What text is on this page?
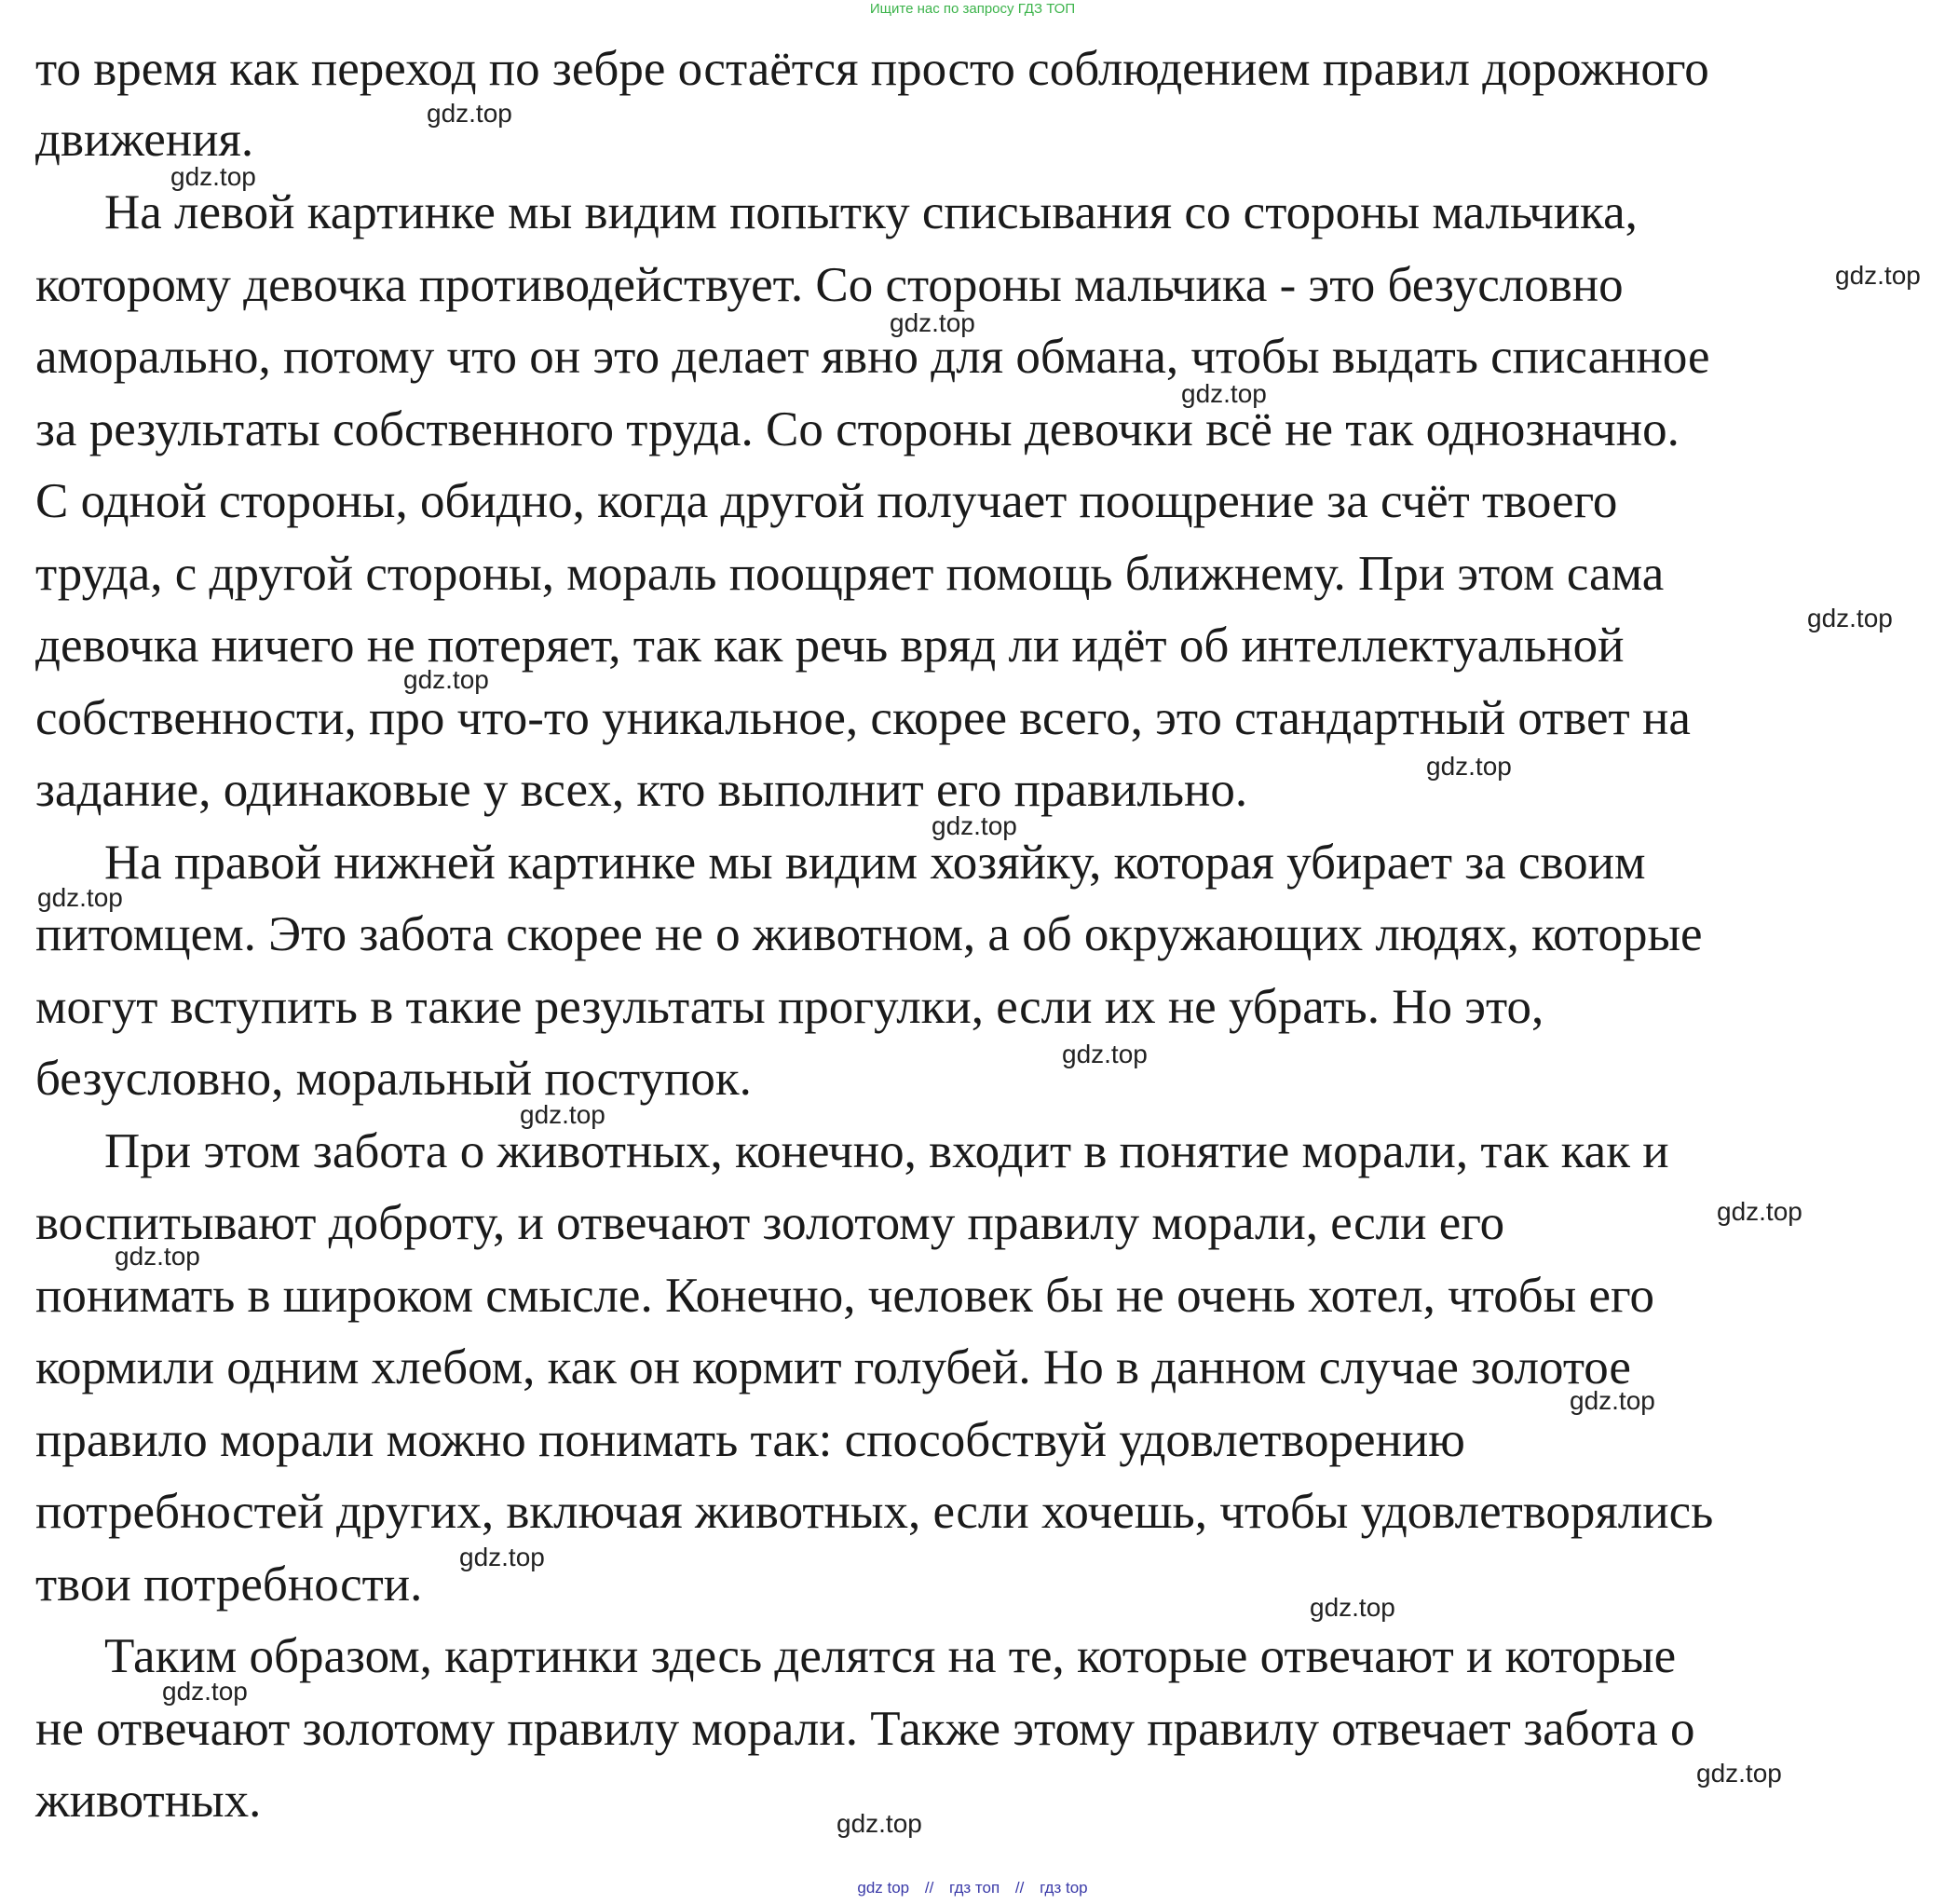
Ищите нас по запросу ГДЗ ТОП
то время как переход по зебре остаётся просто соблюдением правил дорожного
движения.
На левой картинке мы видим попытку списывания со стороны мальчика,
которому девочка противодействует. Со стороны мальчика - это безусловно
аморально, потому что он это делает явно для обмана, чтобы выдать списанное
за результаты собственного труда. Со стороны девочки всё не так однозначно.
С одной стороны, обидно, когда другой получает поощрение за счёт твоего
труда, с другой стороны, мораль поощряет помощь ближнему. При этом сама
девочка ничего не потеряет, так как речь вряд ли идёт об интеллектуальной
собственности, про что-то уникальное, скорее всего, это стандартный ответ на
задание, одинаковые у всех, кто выполнит его правильно.
На правой нижней картинке мы видим хозяйку, которая убирает за своим
питомцем. Это забота скорее не о животном, а об окружающих людях, которые
могут вступить в такие результаты прогулки, если их не убрать. Но это,
безусловно, моральный поступок.
При этом забота о животных, конечно, входит в понятие морали, так как и
воспитывают доброту, и отвечают золотому правилу морали, если его
понимать в широком смысле. Конечно, человек бы не очень хотел, чтобы его
кормили одним хлебом, как он кормит голубей. Но в данном случае золотое
правило морали можно понимать так: способствуй удовлетворению
потребностей других, включая животных, если хочешь, чтобы удовлетворялись
твои потребности.
Таким образом, картинки здесь делятся на те, которые отвечают и которые
не отвечают золотому правилу морали. Также этому правилу отвечает забота о
животных.
gdz.top
gdz.top
gdz.top
gdz.top
gdz.top
gdz.top
gdz.top
gdz.top
gdz.top
gdz.top
gdz.top
gdz.top
gdz.top
gdz.top
gdz.top
gdz.top
gdz.top
gdz.top
gdz.top
gdz.top
gdz top // гдз топ // гдз top
